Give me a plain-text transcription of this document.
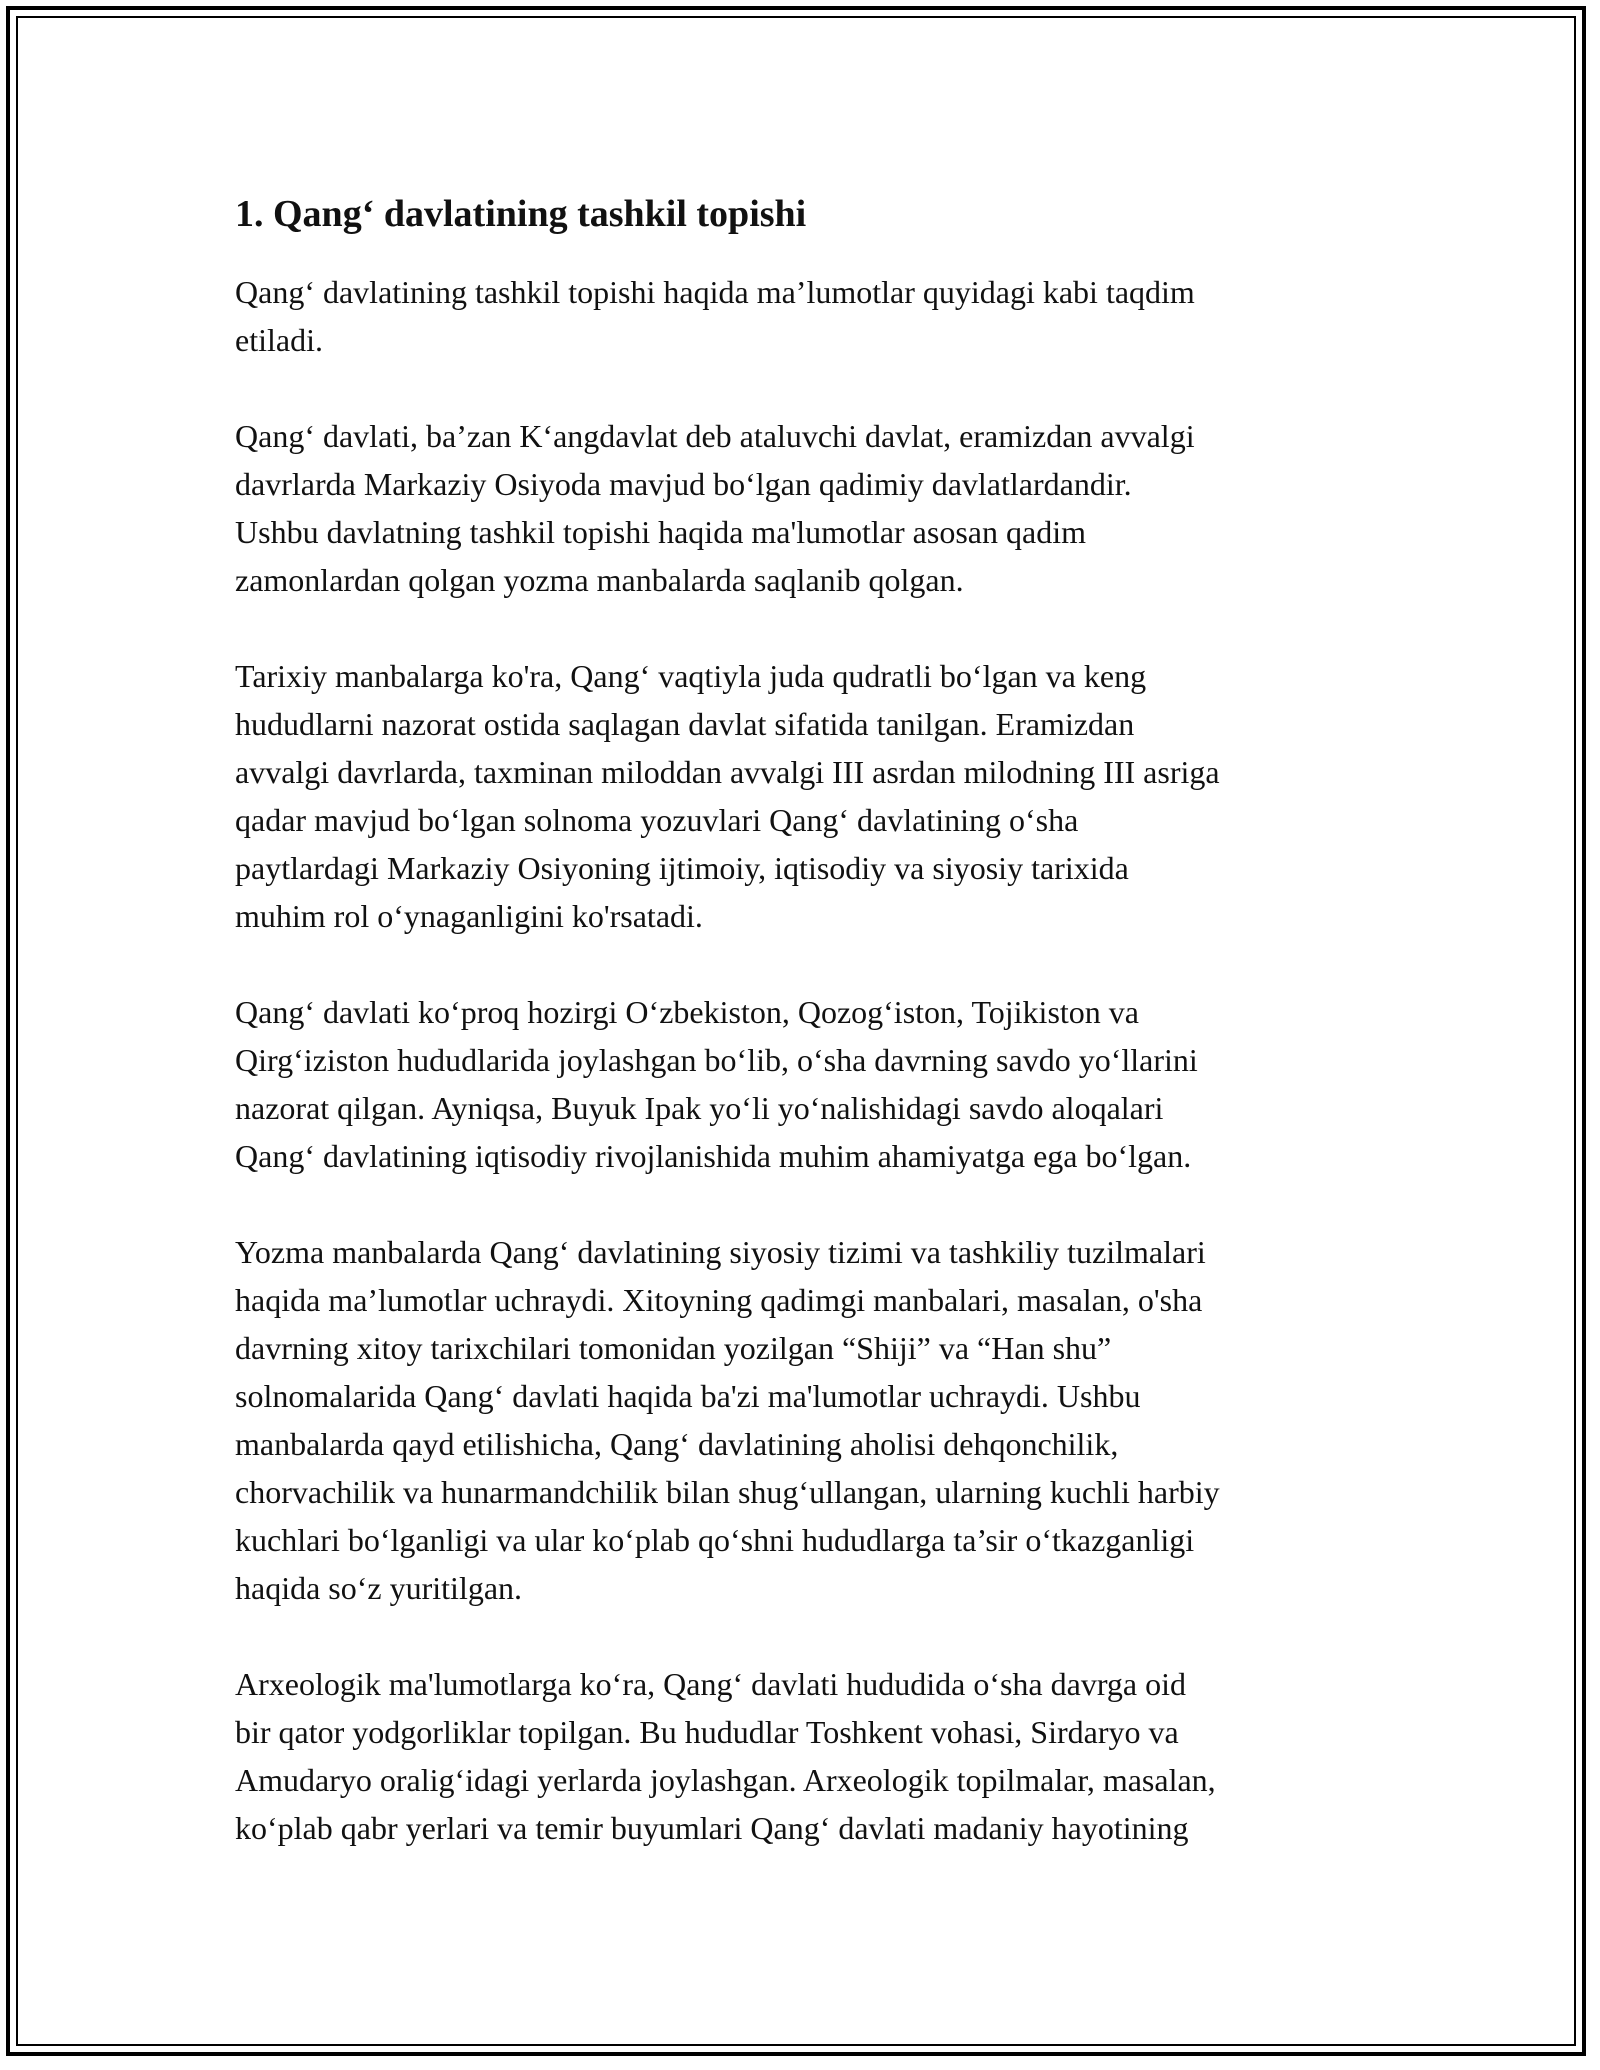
1. Qang‘ davlatining tashkil topishi

Qang‘ davlatining tashkil topishi haqida ma’lumotlar quyidagi kabi taqdim
etiladi.

Qang‘ davlati, ba’zan K‘angdavlat deb ataluvchi davlat, eramizdan avvalgi
davrlarda Markaziy Osiyoda mavjud bo‘lgan qadimiy davlatlardandir.
Ushbu davlatning tashkil topishi haqida ma'lumotlar asosan qadim
zamonlardan qolgan yozma manbalarda saqlanib qolgan.

Tarixiy manbalarga ko'ra, Qang‘ vaqtiyla juda qudratli bo‘lgan va keng
hududlarni nazorat ostida saqlagan davlat sifatida tanilgan. Eramizdan
avvalgi davrlarda, taxminan miloddan avvalgi III asrdan milodning III asriga
qadar mavjud bo‘lgan solnoma yozuvlari Qang‘ davlatining o‘sha
paytlardagi Markaziy Osiyoning ijtimoiy, iqtisodiy va siyosiy tarixida
muhim rol o‘ynaganligini ko'rsatadi.

Qang‘ davlati ko‘proq hozirgi O‘zbekiston, Qozog‘iston, Tojikiston va
Qirg‘iziston hududlarida joylashgan bo‘lib, o‘sha davrning savdo yo‘llarini
nazorat qilgan. Ayniqsa, Buyuk Ipak yo‘li yo‘nalishidagi savdo aloqalari
Qang‘ davlatining iqtisodiy rivojlanishida muhim ahamiyatga ega bo‘lgan.

Yozma manbalarda Qang‘ davlatining siyosiy tizimi va tashkiliy tuzilmalari
haqida ma’lumotlar uchraydi. Xitoyning qadimgi manbalari, masalan, o'sha
davrning xitoy tarixchilari tomonidan yozilgan “Shiji” va “Han shu”
solnomalarida Qang‘ davlati haqida ba'zi ma'lumotlar uchraydi. Ushbu
manbalarda qayd etilishicha, Qang‘ davlatining aholisi dehqonchilik,
chorvachilik va hunarmandchilik bilan shug‘ullangan, ularning kuchli harbiy
kuchlari bo‘lganligi va ular ko‘plab qo‘shni hududlarga ta’sir o‘tkazganligi
haqida so‘z yuritilgan.

Arxeologik ma'lumotlarga ko‘ra, Qang‘ davlati hududida o‘sha davrga oid
bir qator yodgorliklar topilgan. Bu hududlar Toshkent vohasi, Sirdaryo va
Amudaryo oralig‘idagi yerlarda joylashgan. Arxeologik topilmalar, masalan,
ko‘plab qabr yerlari va temir buyumlari Qang‘ davlati madaniy hayotining
